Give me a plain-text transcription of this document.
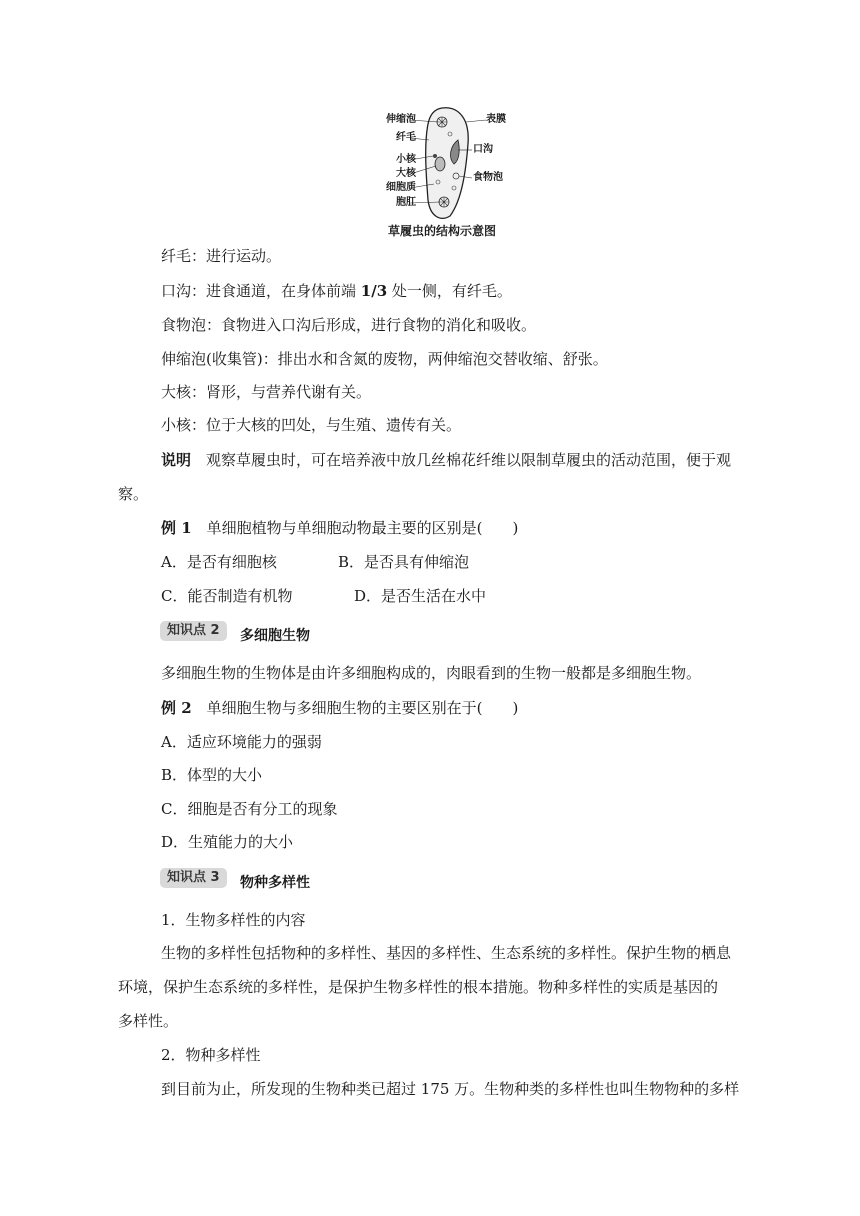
伸缩泡
纤毛
小核
大核
细胞质
胞肛
表膜
口沟
食物泡
草履虫的结构示意图
纤毛：进行运动。
口沟：进食通道，在身体前端 1/3 处一侧，有纤毛。
食物泡：食物进入口沟后形成，进行食物的消化和吸收。
伸缩泡(收集管)：排出水和含氮的废物，两伸缩泡交替收缩、舒张。
大核：肾形，与营养代谢有关。
小核：位于大核的凹处，与生殖、遗传有关。
说明　观察草履虫时，可在培养液中放几丝棉花纤维以限制草履虫的活动范围，便于观
察。
例 1　单细胞植物与单细胞动物最主要的区别是(　　)
A．是否有细胞核	B．是否具有伸缩泡
C．能否制造有机物	D．是否生活在水中
知识点 2	多细胞生物
多细胞生物的生物体是由许多细胞构成的，肉眼看到的生物一般都是多细胞生物。
例 2　单细胞生物与多细胞生物的主要区别在于(　　)
A．适应环境能力的强弱
B．体型的大小
C．细胞是否有分工的现象
D．生殖能力的大小
知识点 3	物种多样性
1．生物多样性的内容
生物的多样性包括物种的多样性、基因的多样性、生态系统的多样性。保护生物的栖息
环境，保护生态系统的多样性，是保护生物多样性的根本措施。物种多样性的实质是基因的
多样性。
2．物种多样性
到目前为止，所发现的生物种类已超过 175 万。生物种类的多样性也叫生物物种的多样
